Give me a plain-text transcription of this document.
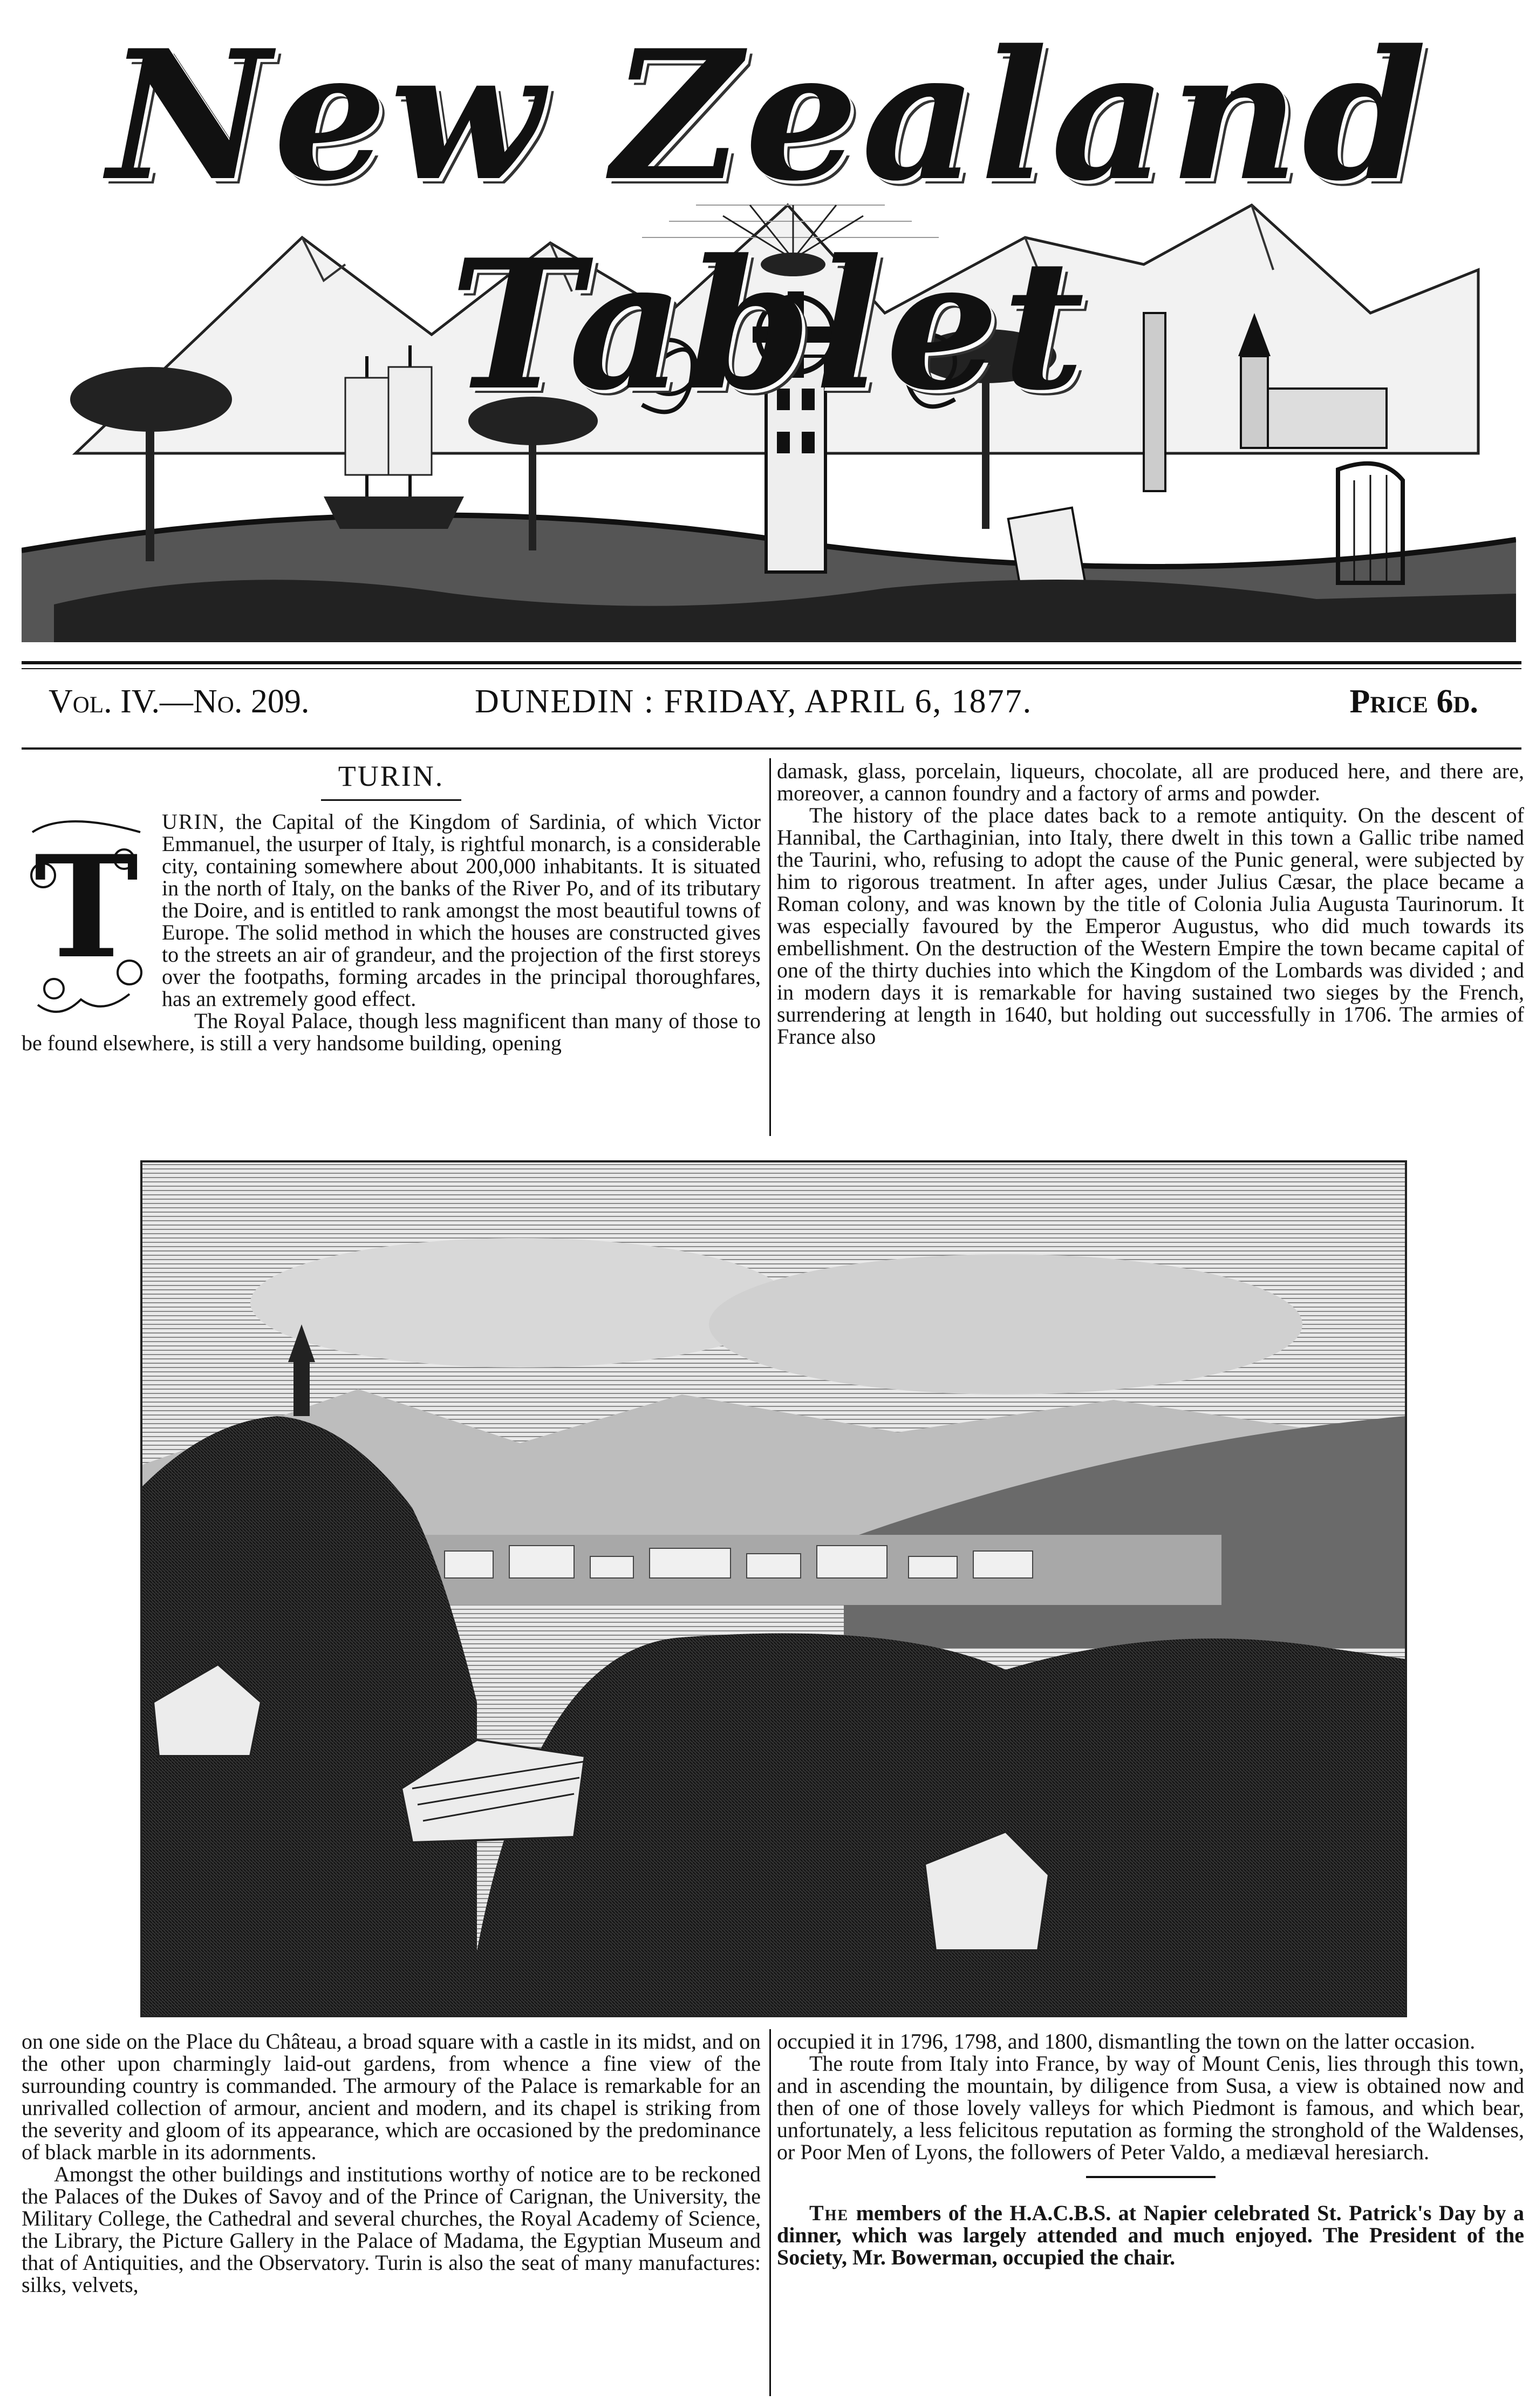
New Zealand Tablet
Vol. IV.—No. 209.	DUNEDIN : FRIDAY, APRIL 6, 1877.	Price 6d.
TURIN.
T

URIN, the Capital of the Kingdom of Sardinia, of which Victor Emmanuel, the usurper of Italy, is rightful monarch, is a considerable city, containing somewhere about 200,000 inhabitants. It is situated in the north of Italy, on the banks of the River Po, and of its tributary the Doire, and is entitled to rank amongst the most beautiful towns of Europe. The solid method in which the houses are constructed gives to the streets an air of grandeur, and the projection of the first storeys over the footpaths, forming arcades in the principal thoroughfares, has an extremely good effect.

The Royal Palace, though less magnificent than many of those to be found elsewhere, is still a very handsome building, opening

damask, glass, porcelain, liqueurs, chocolate, all are produced here, and there are, moreover, a cannon foundry and a factory of arms and powder.

The history of the place dates back to a remote antiquity. On the descent of Hannibal, the Carthaginian, into Italy, there dwelt in this town a Gallic tribe named the Taurini, who, refusing to adopt the cause of the Punic general, were subjected by him to rigorous treatment. In after ages, under Julius Cæsar, the place became a Roman colony, and was known by the title of Colonia Julia Augusta Taurinorum. It was especially favoured by the Emperor Augustus, who did much towards its embellishment. On the destruction of the Western Empire the town became capital of one of the thirty duchies into which the Kingdom of the Lombards was divided ; and in modern days it is remarkable for having sustained two sieges by the French, surrendering at length in 1640, but holding out successfully in 1706. The armies of France also

on one side on the Place du Château, a broad square with a castle in its midst, and on the other upon charmingly laid-out gardens, from whence a fine view of the surrounding country is commanded. The armoury of the Palace is remarkable for an unrivalled collection of armour, ancient and modern, and its chapel is striking from the severity and gloom of its appearance, which are occasioned by the predominance of black marble in its adornments.

Amongst the other buildings and institutions worthy of notice are to be reckoned the Palaces of the Dukes of Savoy and of the Prince of Carignan, the University, the Military College, the Cathedral and several churches, the Royal Academy of Science, the Library, the Picture Gallery in the Palace of Madama, the Egyptian Museum and that of Antiquities, and the Observatory. Turin is also the seat of many manufactures: silks, velvets,

occupied it in 1796, 1798, and 1800, dismantling the town on the latter occasion.

The route from Italy into France, by way of Mount Cenis, lies through this town, and in ascending the mountain, by diligence from Susa, a view is obtained now and then of one of those lovely valleys for which Piedmont is famous, and which bear, unfortunately, a less felicitous reputation as forming the stronghold of the Waldenses, or Poor Men of Lyons, the followers of Peter Valdo, a mediæval heresiarch.

The members of the H.A.C.B.S. at Napier celebrated St. Patrick's Day by a dinner, which was largely attended and much enjoyed. The President of the Society, Mr. Bowerman, occupied the chair.
